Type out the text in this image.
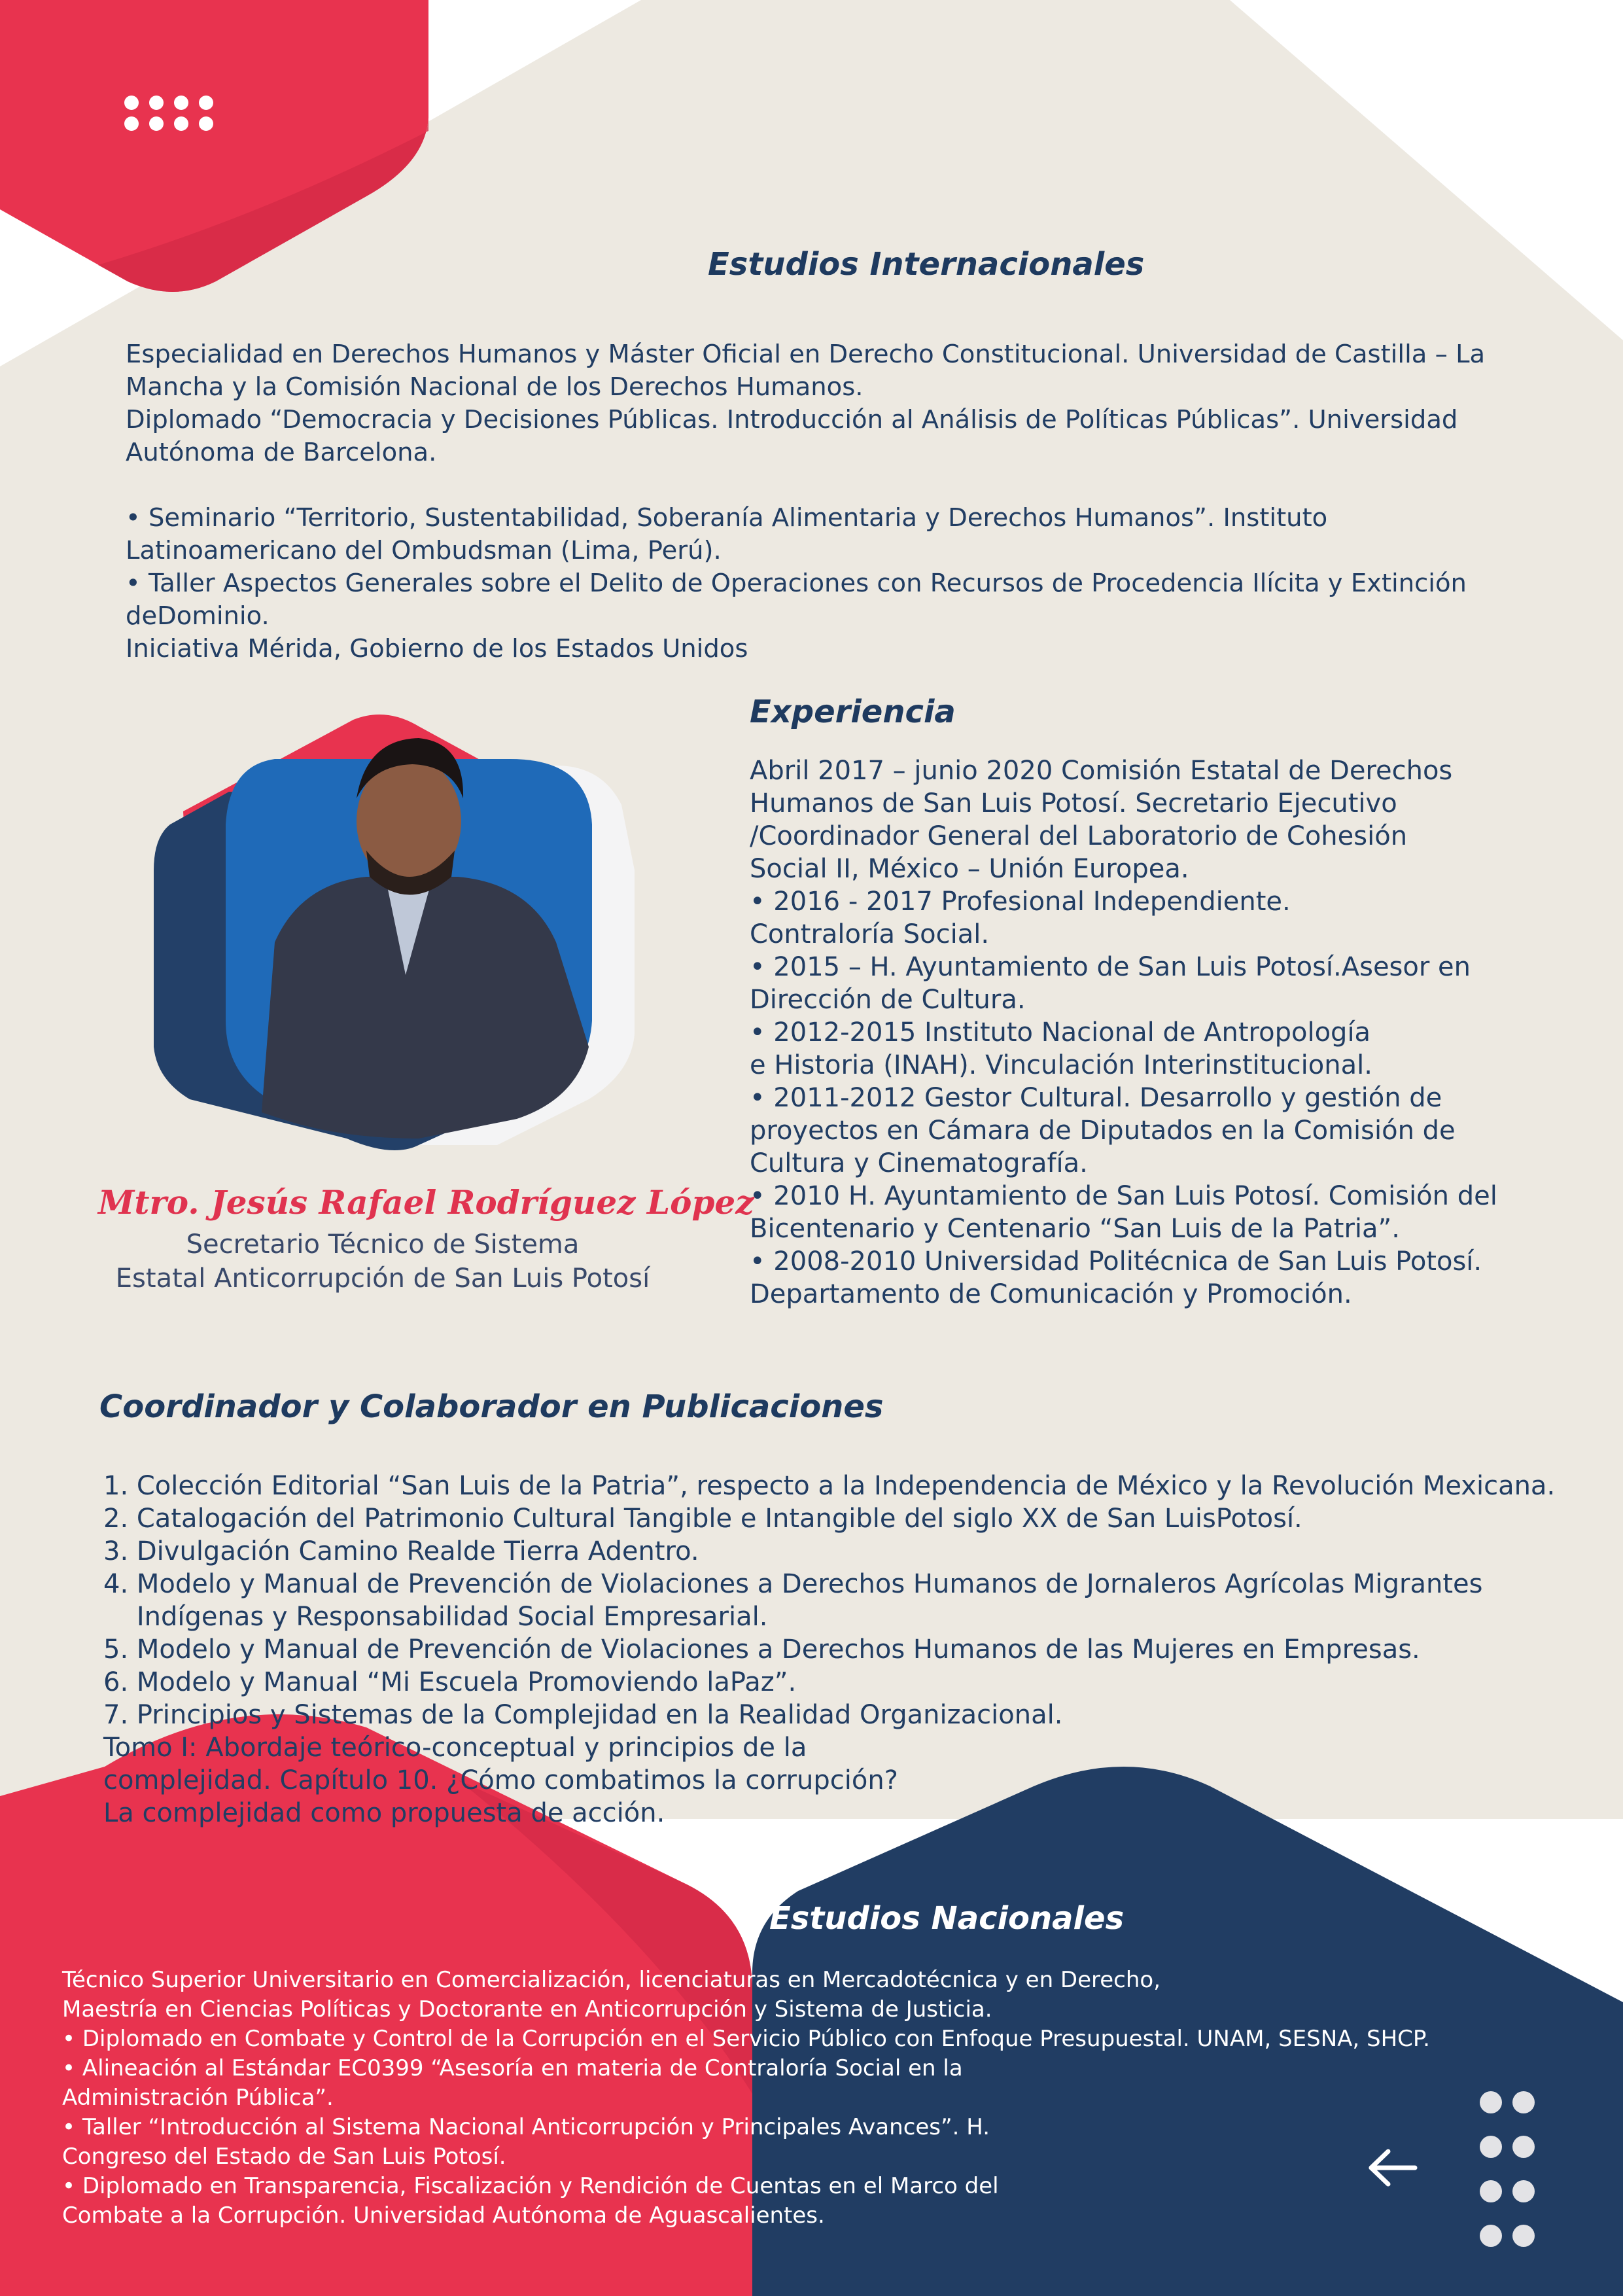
Estudios Internacionales
Especialidad en Derechos Humanos y Máster Oficial en Derecho Constitucional. Universidad de Castilla – La
Mancha y la Comisión Nacional de los Derechos Humanos.
Diplomado “Democracia y Decisiones Públicas. Introducción al Análisis de Políticas Públicas”. Universidad
Autónoma de Barcelona.
• Seminario “Territorio, Sustentabilidad, Soberanía Alimentaria y Derechos Humanos”. Instituto
Latinoamericano del Ombudsman (Lima, Perú).
• Taller Aspectos Generales sobre el Delito de Operaciones con Recursos de Procedencia Ilícita y Extinción
deDominio.
Iniciativa Mérida, Gobierno de los Estados Unidos
Experiencia
Abril 2017 – junio 2020 Comisión Estatal de Derechos
Humanos de San Luis Potosí. Secretario Ejecutivo
/Coordinador General del Laboratorio de Cohesión
Social II, México – Unión Europea.
• 2016 - 2017 Profesional Independiente.
Contraloría Social.
• 2015 – H. Ayuntamiento de San Luis Potosí.Asesor en
Dirección de Cultura.
• 2012-2015 Instituto Nacional de Antropología
e Historia (INAH). Vinculación Interinstitucional.
• 2011-2012 Gestor Cultural. Desarrollo y gestión de
proyectos en Cámara de Diputados en la Comisión de
Cultura y Cinematografía.
• 2010 H. Ayuntamiento de San Luis Potosí. Comisión del
Bicentenario y Centenario “San Luis de la Patria”.
• 2008-2010 Universidad Politécnica de San Luis Potosí.
Departamento de Comunicación y Promoción.
Mtro. Jesús Rafael Rodríguez López
Secretario Técnico de Sistema
Estatal Anticorrupción de San Luis Potosí
Coordinador y Colaborador en Publicaciones
1. Colección Editorial “San Luis de la Patria”, respecto a la Independencia de México y la Revolución Mexicana.
2. Catalogación del Patrimonio Cultural Tangible e Intangible del siglo XX de San LuisPotosí.
3. Divulgación Camino Realde Tierra Adentro.
4. Modelo y Manual de Prevención de Violaciones a Derechos Humanos de Jornaleros Agrícolas Migrantes
Indígenas y Responsabilidad Social Empresarial.
5. Modelo y Manual de Prevención de Violaciones a Derechos Humanos de las Mujeres en Empresas.
6. Modelo y Manual “Mi Escuela Promoviendo laPaz”.
7. Principios y Sistemas de la Complejidad en la Realidad Organizacional.
Tomo I: Abordaje teórico-conceptual y principios de la
complejidad. Capítulo 10. ¿Cómo combatimos la corrupción?
La complejidad como propuesta de acción.
Estudios Nacionales
Técnico Superior Universitario en Comercialización, licenciaturas en Mercadotécnica y en Derecho,
Maestría en Ciencias Políticas y Doctorante en Anticorrupción y Sistema de Justicia.
• Diplomado en Combate y Control de la Corrupción en el Servicio Público con Enfoque Presupuestal. UNAM, SESNA, SHCP.
• Alineación al Estándar EC0399 “Asesoría en materia de Contraloría Social en la
Administración Pública”.
• Taller “Introducción al Sistema Nacional Anticorrupción y Principales Avances”. H.
Congreso del Estado de San Luis Potosí.
• Diplomado en Transparencia, Fiscalización y Rendición de Cuentas en el Marco del
Combate a la Corrupción. Universidad Autónoma de Aguascalientes.
